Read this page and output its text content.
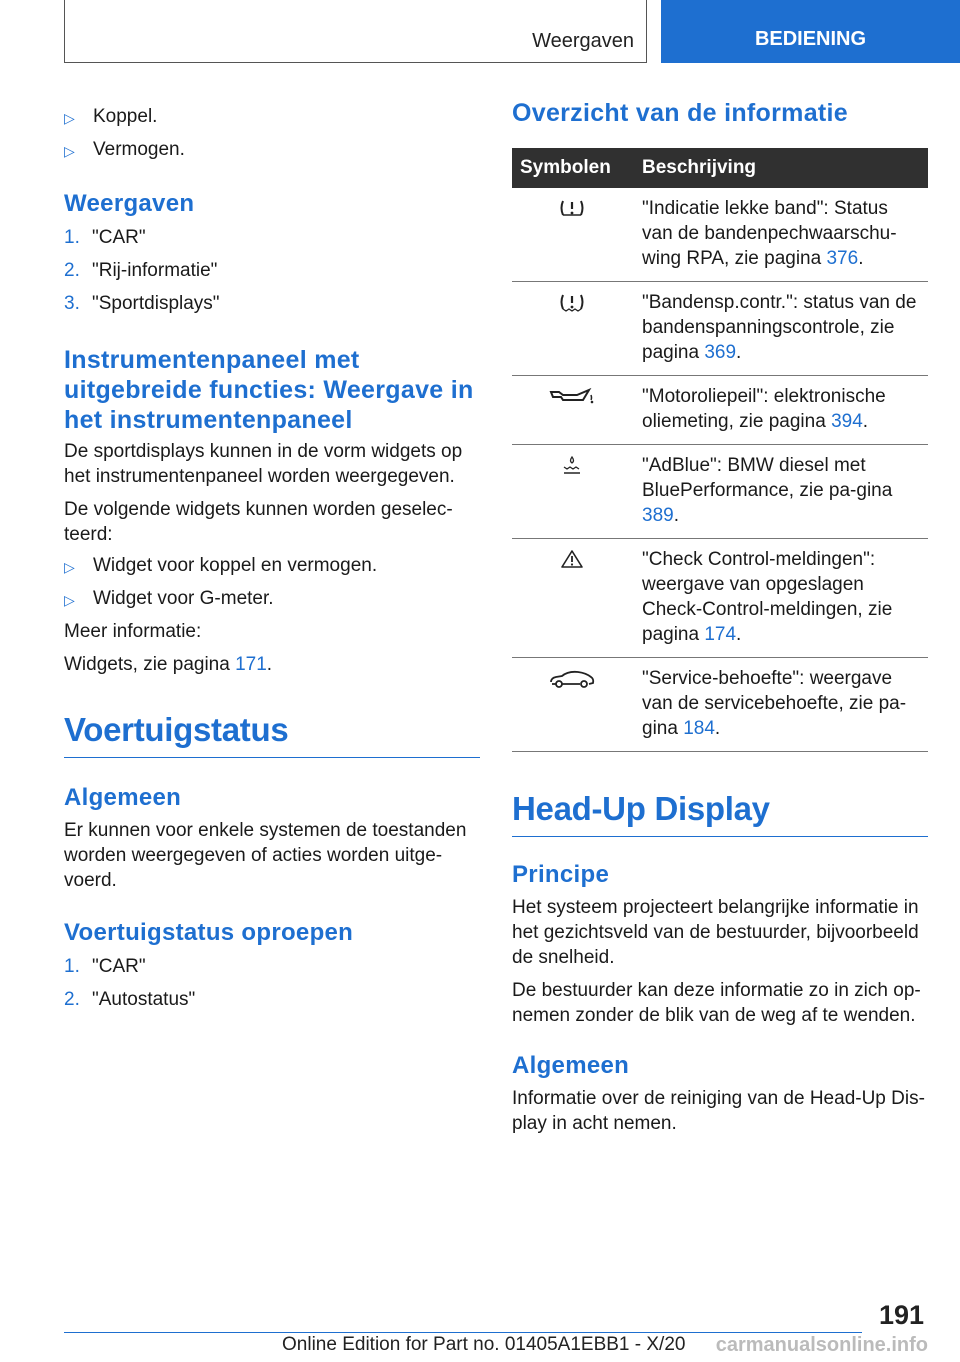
Weergaven	BEDIENING
▷ Koppel.
▷ Vermogen.
Weergaven
1. "CAR"
2. "Rij-informatie"
3. "Sportdisplays"
Instrumentenpaneel met uitgebreide functies: Weergave in het instrumentenpaneel

De sportdisplays kunnen in de vorm widgets op het instrumentenpaneel worden weergegeven.

De volgende widgets kunnen worden geselec-teerd:

▷ Widget voor koppel en vermogen.
▷ Widget voor G-meter.

Meer informatie:

Widgets, zie pagina 171.

Voertuigstatus
Algemeen

Er kunnen voor enkele systemen de toestanden worden weergegeven of acties worden uitge-voerd.

Voertuigstatus oproepen
1. "CAR"
2. "Autostatus"
Overzicht van de informatie
Symbolen	Beschrijving
	"Indicatie lekke band": Status van de bandenpechwaarschu-wing RPA, zie pagina 376.
	"Bandensp.contr.": status van de bandenspanningscontrole, zie pagina 369.
	"Motoroliepeil": elektronische oliemeting, zie pagina 394.
	"AdBlue": BMW diesel met BluePerformance, zie pa-gina 389.
	"Check Control-meldingen": weergave van opgeslagen Check-Control-meldingen, zie pagina 174.
	"Service-behoefte": weergave van de servicebehoefte, zie pa-gina 184.
Head-Up Display
Principe

Het systeem projecteert belangrijke informatie in het gezichtsveld van de bestuurder, bijvoorbeeld de snelheid.

De bestuurder kan deze informatie zo in zich op-nemen zonder de blik van de weg af te wenden.

Algemeen

Informatie over de reiniging van de Head-Up Dis-play in acht nemen.

191
Online Edition for Part no. 01405A1EBB1 - X/20 carmanualsonline.info
